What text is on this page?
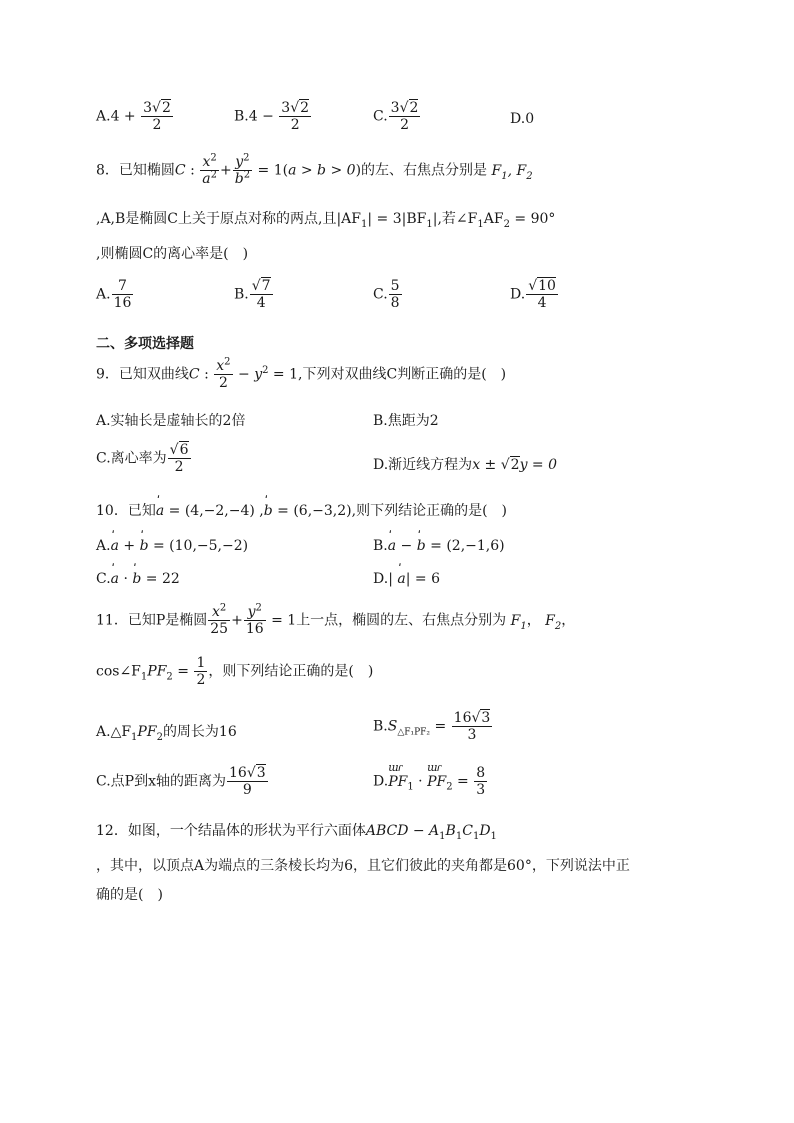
$A.4 + \frac{3√2}{2}$	$B.4 - \frac{3√2}{2}$	C. $\frac{3√2}{2}$	D.0
8．已知椭圆C : $\frac{x^2}{a^2} + \frac{y^2}{b^2} = 1(a > b > 0)$的左、右焦点分别是 $F_1$, $F_2$
,A,B是椭圆C上关于原点对称的两点,且$|AF_1| = 3|BF_1|$,若$\angle F_1AF_2 = 90^\circ$
,则椭圆C的离心率是(　)
A. $\frac{7}{16}$	B. $\frac{√7}{4}$	C. $\frac{5}{8}$	D. $\frac{√10}{4}$
二、多项选择题
9．已知双曲线C : $\frac{x^2}{2} - y^2 = 1$,下列对双曲线C判断正确的是(　)
A.实轴长是虚轴长的2倍	B.焦距为2
C.离心率为 $\frac{√6}{2}$	D.渐近线方程为x ± √2y = 0
10．已知ˈ a = (4,−2,−4) ,ˈ b = (6,−3,2),则下列结论正确的是(　)
A.ˈ a + ˈ b = (10,−5,−2)	B.ˈ a − ˈ b = (2,−1,6)
C.ˈ a · ˈ b = 22	D.| ˈ a| = 6
11．已知P是椭圆 $\frac{x^2}{25} + \frac{y^2}{16} = 1$上一点，椭圆的左、右焦点分别为 $F_1$， $F_2$，
$\cos\angle F_1PF_2 = \frac{1}{2}$ ，则下列结论正确的是(　)
$A.\triangle F_1PF_2$的周长为16	$B.S_{\triangle F_1PF_2} = \frac{16√3}{3}$
C.点P到x轴的距离为 $\frac{16√3}{9}$	D.ɯɾ $PF_1$ · ɯɾ $PF_2 = \frac{8}{3}$
12．如图，一个结晶体的形状为平行六面体ABCD − $A_1B_1C_1D_1$
，其中，以顶点A为端点的三条棱长均为6，且它们彼此的夹角都是60°，下列说法中正
确的是(　)
